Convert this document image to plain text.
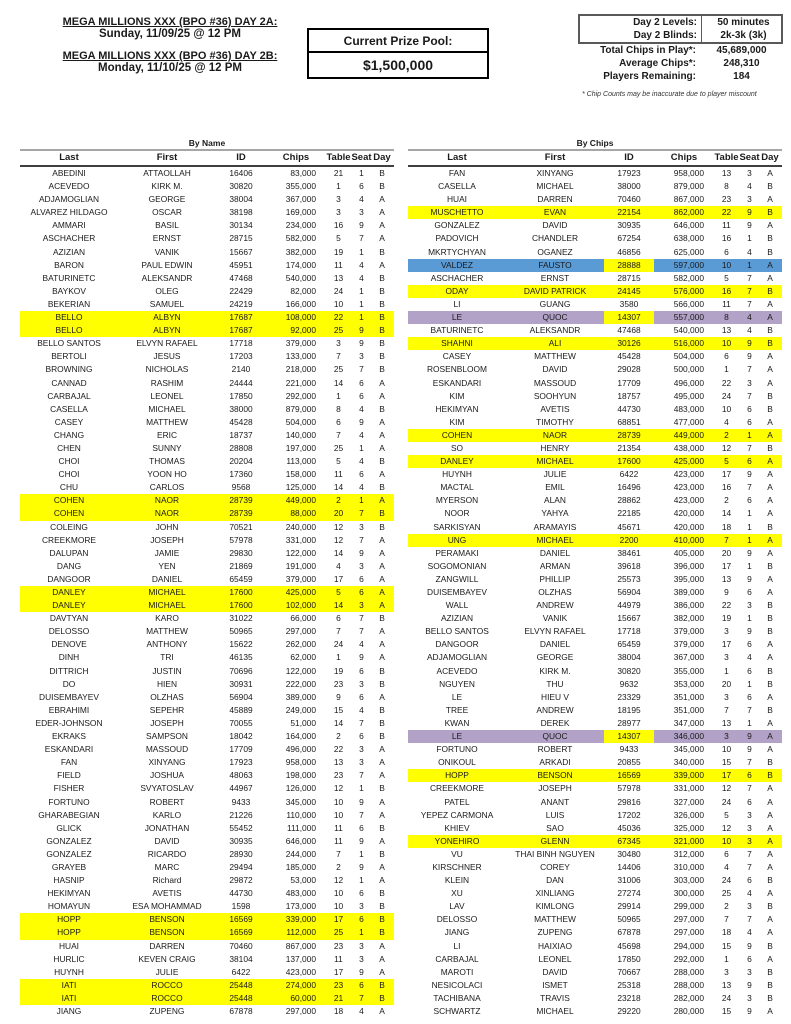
MEGA MILLIONS XXX (BPO #36) DAY 2A:
Sunday, 11/09/25 @ 12 PM
MEGA MILLIONS XXX (BPO #36) DAY 2B:
Monday, 11/10/25 @ 12 PM
Current Prize Pool:
$1,500,000
Day 2 Levels:	50 minutes
Day 2 Blinds:	2k-3k (3k)
Total Chips in Play*:	45,689,000
Average Chips*:	248,310
Players Remaining:	184
* Chip Counts may be inaccurate due to player miscount
By Name
Last	First	ID	Chips	Table Seat Day
ABEDINI	ATTAOLLAH	16406	83,000	21	1	B
ACEVEDO	KIRK M.	30820	355,000	1	6	B
ADJAMOGLIAN	GEORGE	38004	367,000	3	4	A
ALVAREZ HILDAGO	OSCAR	38198	169,000	3	3	A
AMMARI	BASIL	30134	234,000	16	9	A
ASCHACHER	ERNST	28715	582,000	5	7	A
AZIZIAN	VANIK	15667	382,000	19	1	B
BARON	PAUL EDWIN	45951	174,000	11	4	A
BATURINETC	ALEKSANDR	47468	540,000	13	4	B
BAYKOV	OLEG	22429	82,000	24	1	B
BEKERIAN	SAMUEL	24219	166,000	10	1	B
BELLO	ALBYN	17687	108,000	22	1	B
BELLO	ALBYN	17687	92,000	25	9	B
BELLO SANTOS	ELVYN RAFAEL	17718	379,000	3	9	B
BERTOLI	JESUS	17203	133,000	7	3	B
BROWNING	NICHOLAS	2140	218,000	25	7	B
CANNAD	RASHIM	24444	221,000	14	6	A
CARBAJAL	LEONEL	17850	292,000	1	6	A
CASELLA	MICHAEL	38000	879,000	8	4	B
CASEY	MATTHEW	45428	504,000	6	9	A
CHANG	ERIC	18737	140,000	7	4	A
CHEN	SUNNY	28808	197,000	25	1	A
CHOI	THOMAS	20204	113,000	5	4	B
CHOI	YOON HO	17360	158,000	11	6	A
CHU	CARLOS	9568	125,000	14	4	B
COHEN	NAOR	28739	449,000	2	1	A
COHEN	NAOR	28739	88,000	20	7	B
COLEING	JOHN	70521	240,000	12	3	B
CREEKMORE	JOSEPH	57978	331,000	12	7	A
DALUPAN	JAMIE	29830	122,000	14	9	A
DANG	YEN	21869	191,000	4	3	A
DANGOOR	DANIEL	65459	379,000	17	6	A
DANLEY	MICHAEL	17600	425,000	5	6	A
DANLEY	MICHAEL	17600	102,000	14	3	A
DAVTYAN	KARO	31022	66,000	6	7	B
DELOSSO	MATTHEW	50965	297,000	7	7	A
DENOVE	ANTHONY	15622	262,000	24	4	A
DINH	TRI	46135	62,000	1	9	A
DITTRICH	JUSTIN	70696	122,000	19	6	B
DO	HIEN	30931	222,000	23	3	B
DUISEMBAYEV	OLZHAS	56904	389,000	9	6	A
EBRAHIMI	SEPEHR	45889	249,000	15	4	B
EDER-JOHNSON	JOSEPH	70055	51,000	14	7	B
EKRAKS	SAMPSON	18042	164,000	2	6	B
ESKANDARI	MASSOUD	17709	496,000	22	3	A
FAN	XINYANG	17923	958,000	13	3	A
FIELD	JOSHUA	48063	198,000	23	7	A
FISHER	SVYATOSLAV	44967	126,000	12	1	B
FORTUNO	ROBERT	9433	345,000	10	9	A
GHARABEGIAN	KARLO	21226	110,000	10	7	A
GLICK	JONATHAN	55452	111,000	11	6	B
GONZALEZ	DAVID	30935	646,000	11	9	A
GONZALEZ	RICARDO	28930	244,000	7	1	B
GRAYEB	MARC	29494	185,000	2	9	A
HASNIP	Richard	29872	53,000	12	1	A
HEKIMYAN	AVETIS	44730	483,000	10	6	B
HOMAYUN	ESA MOHAMMAD	1598	173,000	10	3	B
HOPP	BENSON	16569	339,000	17	6	B
HOPP	BENSON	16569	112,000	25	1	B
HUAI	DARREN	70460	867,000	23	3	A
HURLIC	KEVEN CRAIG	38104	137,000	11	3	A
HUYNH	JULIE	6422	423,000	17	9	A
IATI	ROCCO	25448	274,000	23	6	B
IATI	ROCCO	25448	60,000	21	7	B
JIANG	ZUPENG	67878	297,000	18	4	A
By Chips
Last	First	ID	Chips	Table Seat Day
FAN	XINYANG	17923	958,000	13	3	A
CASELLA	MICHAEL	38000	879,000	8	4	B
HUAI	DARREN	70460	867,000	23	3	A
MUSCHETTO	EVAN	22154	862,000	22	9	B
GONZALEZ	DAVID	30935	646,000	11	9	A
PADOVICH	CHANDLER	67254	638,000	16	1	B
MKRTYCHYAN	OGANEZ	46856	625,000	6	4	B
VALDEZ	FAUSTO	28888	597,000	10	1	A
ASCHACHER	ERNST	28715	582,000	5	7	A
ODAY	DAVID PATRICK	24145	576,000	16	7	B
LI	GUANG	3580	566,000	11	7	A
LE	QUOC	14307	557,000	8	4	A
BATURINETC	ALEKSANDR	47468	540,000	13	4	B
SHAHNI	ALI	30126	516,000	10	9	B
CASEY	MATTHEW	45428	504,000	6	9	A
ROSENBLOOM	DAVID	29028	500,000	1	7	A
ESKANDARI	MASSOUD	17709	496,000	22	3	A
KIM	SOOHYUN	18757	495,000	24	7	B
HEKIMYAN	AVETIS	44730	483,000	10	6	B
KIM	TIMOTHY	68851	477,000	4	6	A
COHEN	NAOR	28739	449,000	2	1	A
SO	HENRY	21354	438,000	12	7	B
DANLEY	MICHAEL	17600	425,000	5	6	A
HUYNH	JULIE	6422	423,000	17	9	A
MACTAL	EMIL	16496	423,000	16	7	A
MYERSON	ALAN	28862	423,000	2	6	A
NOOR	YAHYA	22185	420,000	14	1	A
SARKISYAN	ARAMAYIS	45671	420,000	18	1	B
UNG	MICHAEL	2200	410,000	7	1	A
PERAMAKI	DANIEL	38461	405,000	20	9	A
SOGOMONIAN	ARMAN	39618	396,000	17	1	B
ZANGWILL	PHILLIP	25573	395,000	13	9	A
DUISEMBAYEV	OLZHAS	56904	389,000	9	6	A
WALL	ANDREW	44979	386,000	22	3	B
AZIZIAN	VANIK	15667	382,000	19	1	B
BELLO SANTOS	ELVYN RAFAEL	17718	379,000	3	9	B
DANGOOR	DANIEL	65459	379,000	17	6	A
ADJAMOGLIAN	GEORGE	38004	367,000	3	4	A
ACEVEDO	KIRK M.	30820	355,000	1	6	B
NGUYEN	THU	9632	353,000	20	1	B
LE	HIEU V	23329	351,000	3	6	A
TREE	ANDREW	18195	351,000	7	7	B
KWAN	DEREK	28977	347,000	13	1	A
LE	QUOC	14307	346,000	3	9	A
FORTUNO	ROBERT	9433	345,000	10	9	A
ONIKOUL	ARKADI	20855	340,000	15	7	B
HOPP	BENSON	16569	339,000	17	6	B
CREEKMORE	JOSEPH	57978	331,000	12	7	A
PATEL	ANANT	29816	327,000	24	6	A
YEPEZ CARMONA	LUIS	17202	326,000	5	3	A
KHIEV	SAO	45036	325,000	12	3	A
YONEHIRO	GLENN	67345	321,000	10	3	A
VU	THAI BINH NGUYEN	30480	312,000	6	7	A
KIRSCHNER	COREY	14406	310,000	4	7	A
KLEIN	DAN	31006	303,000	24	6	B
XU	XINLIANG	27274	300,000	25	4	A
LAV	KIMLONG	29914	299,000	2	3	B
DELOSSO	MATTHEW	50965	297,000	7	7	A
JIANG	ZUPENG	67878	297,000	18	4	A
LI	HAIXIAO	45698	294,000	15	9	B
CARBAJAL	LEONEL	17850	292,000	1	6	A
MAROTI	DAVID	70667	288,000	3	3	B
NESICOLACI	ISMET	25318	288,000	13	9	B
TACHIBANA	TRAVIS	23218	282,000	24	3	B
SCHWARTZ	MICHAEL	29220	280,000	15	9	A
